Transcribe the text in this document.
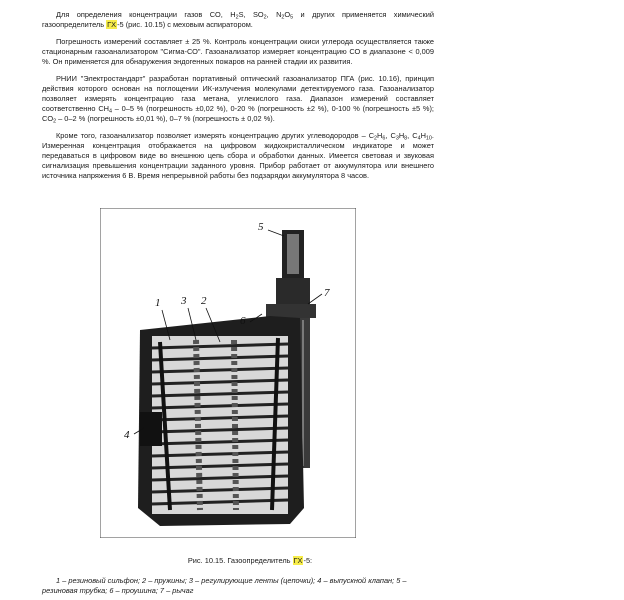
Для определения концентрации газов CO, $H_2S$, $SO_2$, $N_2O_5$ и других применяется химический газоопределитель ГХ-5 (рис. 10.15) с меховым аспиратором.

Погрешность измерений составляет ± 25 %. Контроль концентрации окиси углерода осуществляется также стационарным газоанализатором "Сигма-СО". Газоанализатор измеряет концентрацию СО в диапазоне < 0,009 %. Он применяется для обнаружения эндогенных пожаров на ранней стадии их развития.

РНИИ "Электростандарт" разработан портативный оптический газоанализатор ПГА (рис. 10.16), принцип действия которого основан на поглощении ИК-излучения молекулами детектируемого газа. Газоанализатор позволяет измерять концентрацию газа метана, углекислого газа. Диапазон измерений составляет соответственно $CH_4 - 0-5$ % (погрешность ±0,02 %), 0-20 % (погрешность ±2 %), 0-100 % (погрешность ±5 %); $CO_2 - 0-2$ % (погрешность ±0,01 %), 0–7 % (погрешность ± 0,02 %).

Кроме того, газоанализатор позволяет измерять концентрацию других углеводородов – $C_2H_6$, $C_3H_8$, $C_4H_{10}$. Измеренная концентрация отображается на цифровом жидкокристаллическом индикаторе и может передаваться в цифровом виде во внешнюю цепь сбора и обработки данных. Имеется световая и звуковая сигнализация превышения концентрации заданного уровня. Прибор работает от аккумулятора или внешнего источника напряжения 6 В. Время непрерывной работы без подзарядки аккумулятора 8 часов.

1 3 2
4
5
6
7
Рис. 10.15. Газоопределитель ГХ-5:
1 – резиновый сильфон; 2 – пружины; 3 – регулирующие ленты (цепочки); 4 – выпускной клапан; 5 – резиновая трубка; 6 – проушина; 7 – рычаг
